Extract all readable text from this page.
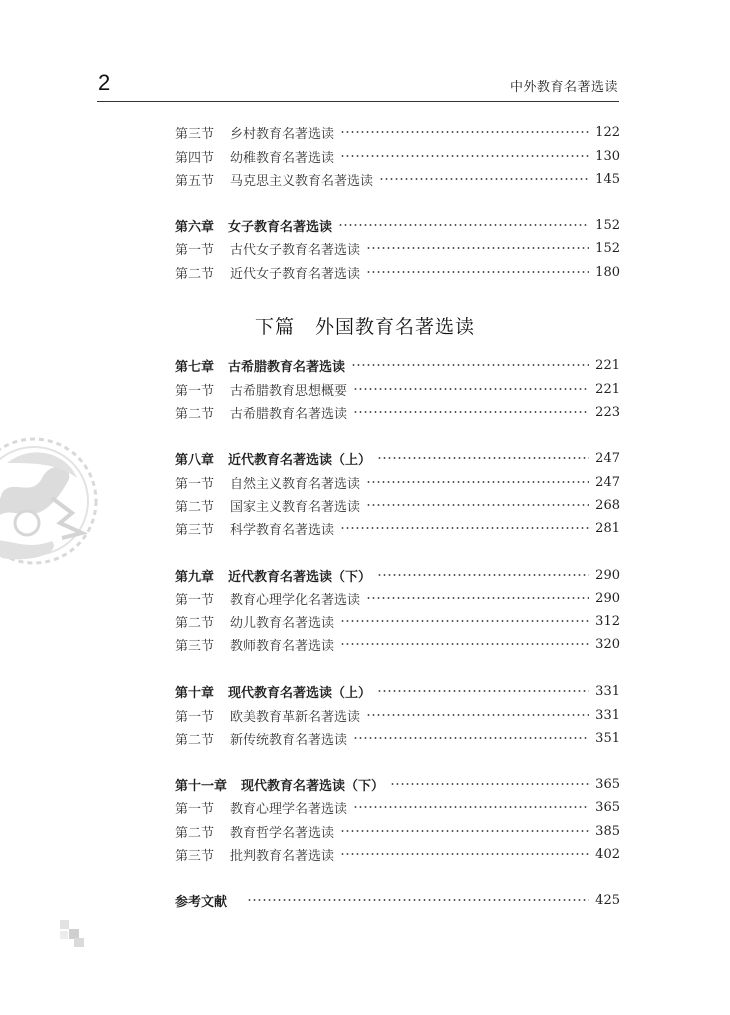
2	中外教育名著选读
下篇　外国教育名著选读
第三节	乡村教育名著选读	122
第四节	幼稚教育名著选读	130
第五节	马克思主义教育名著选读	145
第六章 女子教育名著选读	152
第一节	古代女子教育名著选读	152
第二节	近代女子教育名著选读	180
第七章 古希腊教育名著选读	221
第一节	古希腊教育思想概要	221
第二节	古希腊教育名著选读	223
第八章 近代教育名著选读（上）	247
第一节	自然主义教育名著选读	247
第二节	国家主义教育名著选读	268
第三节	科学教育名著选读	281
第九章 近代教育名著选读（下）	290
第一节	教育心理学化名著选读	290
第二节	幼儿教育名著选读	312
第三节	教师教育名著选读	320
第十章 现代教育名著选读（上）	331
第一节	欧美教育革新名著选读	331
第二节	新传统教育名著选读	351
第十一章 现代教育名著选读（下）	365
第一节	教育心理学名著选读	365
第二节	教育哲学名著选读	385
第三节	批判教育名著选读	402
参考文献	425
